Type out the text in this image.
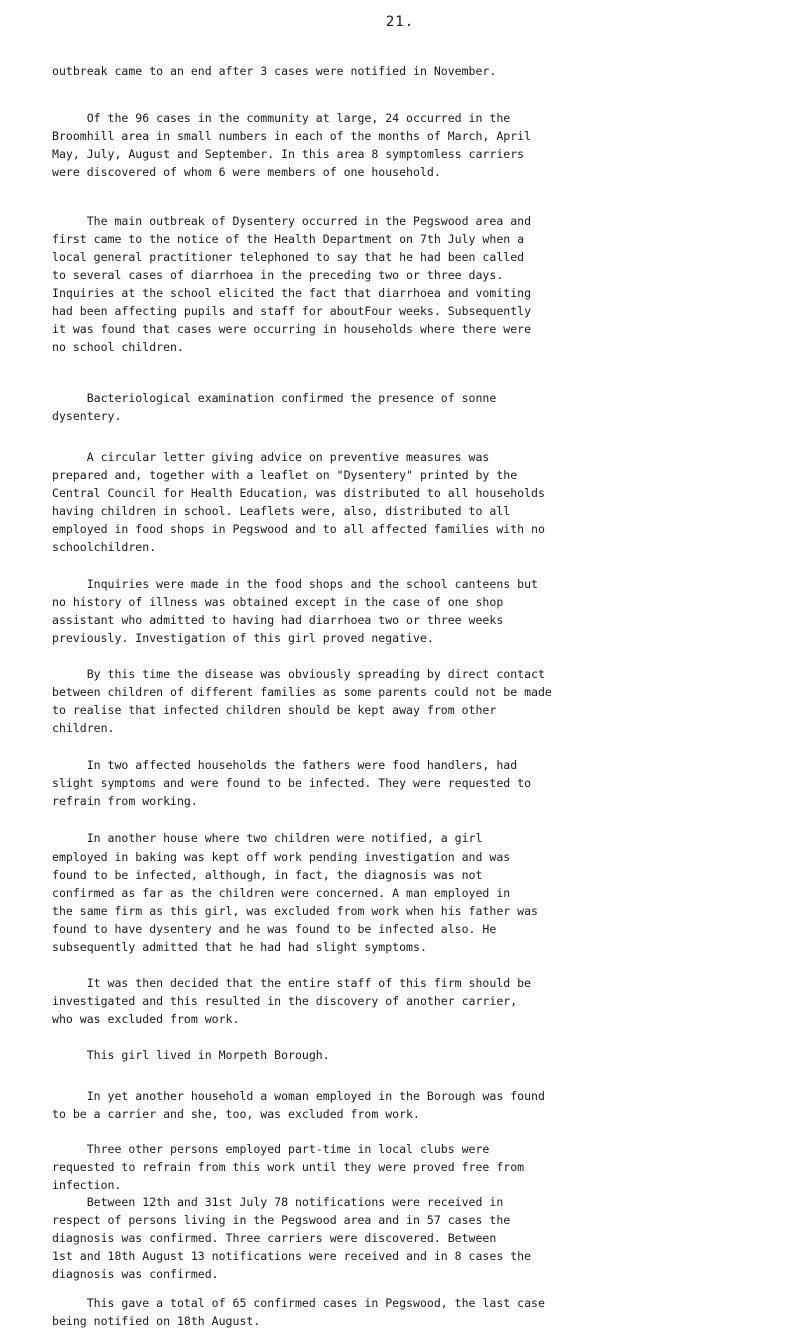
21.

outbreak came to an end after 3 cases were notified in November.

Of the 96 cases in the community at large, 24 occurred in the
Broomhill area in small numbers in each of the months of March, April
May, July, August and September. In this area 8 symptomless carriers
were discovered of whom 6 were members of one household.

The main outbreak of Dysentery occurred in the Pegswood area and
first came to the notice of the Health Department on 7th July when a
local general practitioner telephoned to say that he had been called
to several cases of diarrhoea in the preceding two or three days.
Inquiries at the school elicited the fact that diarrhoea and vomiting
had been affecting pupils and staff for aboutFour weeks. Subsequently
it was found that cases were occurring in households where there were
no school children.

Bacteriological examination confirmed the presence of sonne
dysentery.

A circular letter giving advice on preventive measures was
prepared and, together with a leaflet on "Dysentery" printed by the
Central Council for Health Education, was distributed to all households
having children in school. Leaflets were, also, distributed to all
employed in food shops in Pegswood and to all affected families with no
schoolchildren.

Inquiries were made in the food shops and the school canteens but
no history of illness was obtained except in the case of one shop
assistant who admitted to having had diarrhoea two or three weeks
previously. Investigation of this girl proved negative.

By this time the disease was obviously spreading by direct contact
between children of different families as some parents could not be made
to realise that infected children should be kept away from other
children.

In two affected households the fathers were food handlers, had
slight symptoms and were found to be infected. They were requested to
refrain from working.

In another house where two children were notified, a girl
employed in baking was kept off work pending investigation and was
found to be infected, although, in fact, the diagnosis was not
confirmed as far as the children were concerned. A man employed in
the same firm as this girl, was excluded from work when his father was
found to have dysentery and he was found to be infected also. He
subsequently admitted that he had had slight symptoms.

It was then decided that the entire staff of this firm should be
investigated and this resulted in the discovery of another carrier,
who was excluded from work.

This girl lived in Morpeth Borough.

In yet another household a woman employed in the Borough was found
to be a carrier and she, too, was excluded from work.

Three other persons employed part-time in local clubs were
requested to refrain from this work until they were proved free from
infection.

Between 12th and 31st July 78 notifications were received in
respect of persons living in the Pegswood area and in 57 cases the
diagnosis was confirmed. Three carriers were discovered. Between
1st and 18th August 13 notifications were received and in 8 cases the
diagnosis was confirmed.

This gave a total of 65 confirmed cases in Pegswood, the last case
being notified on 18th August.
